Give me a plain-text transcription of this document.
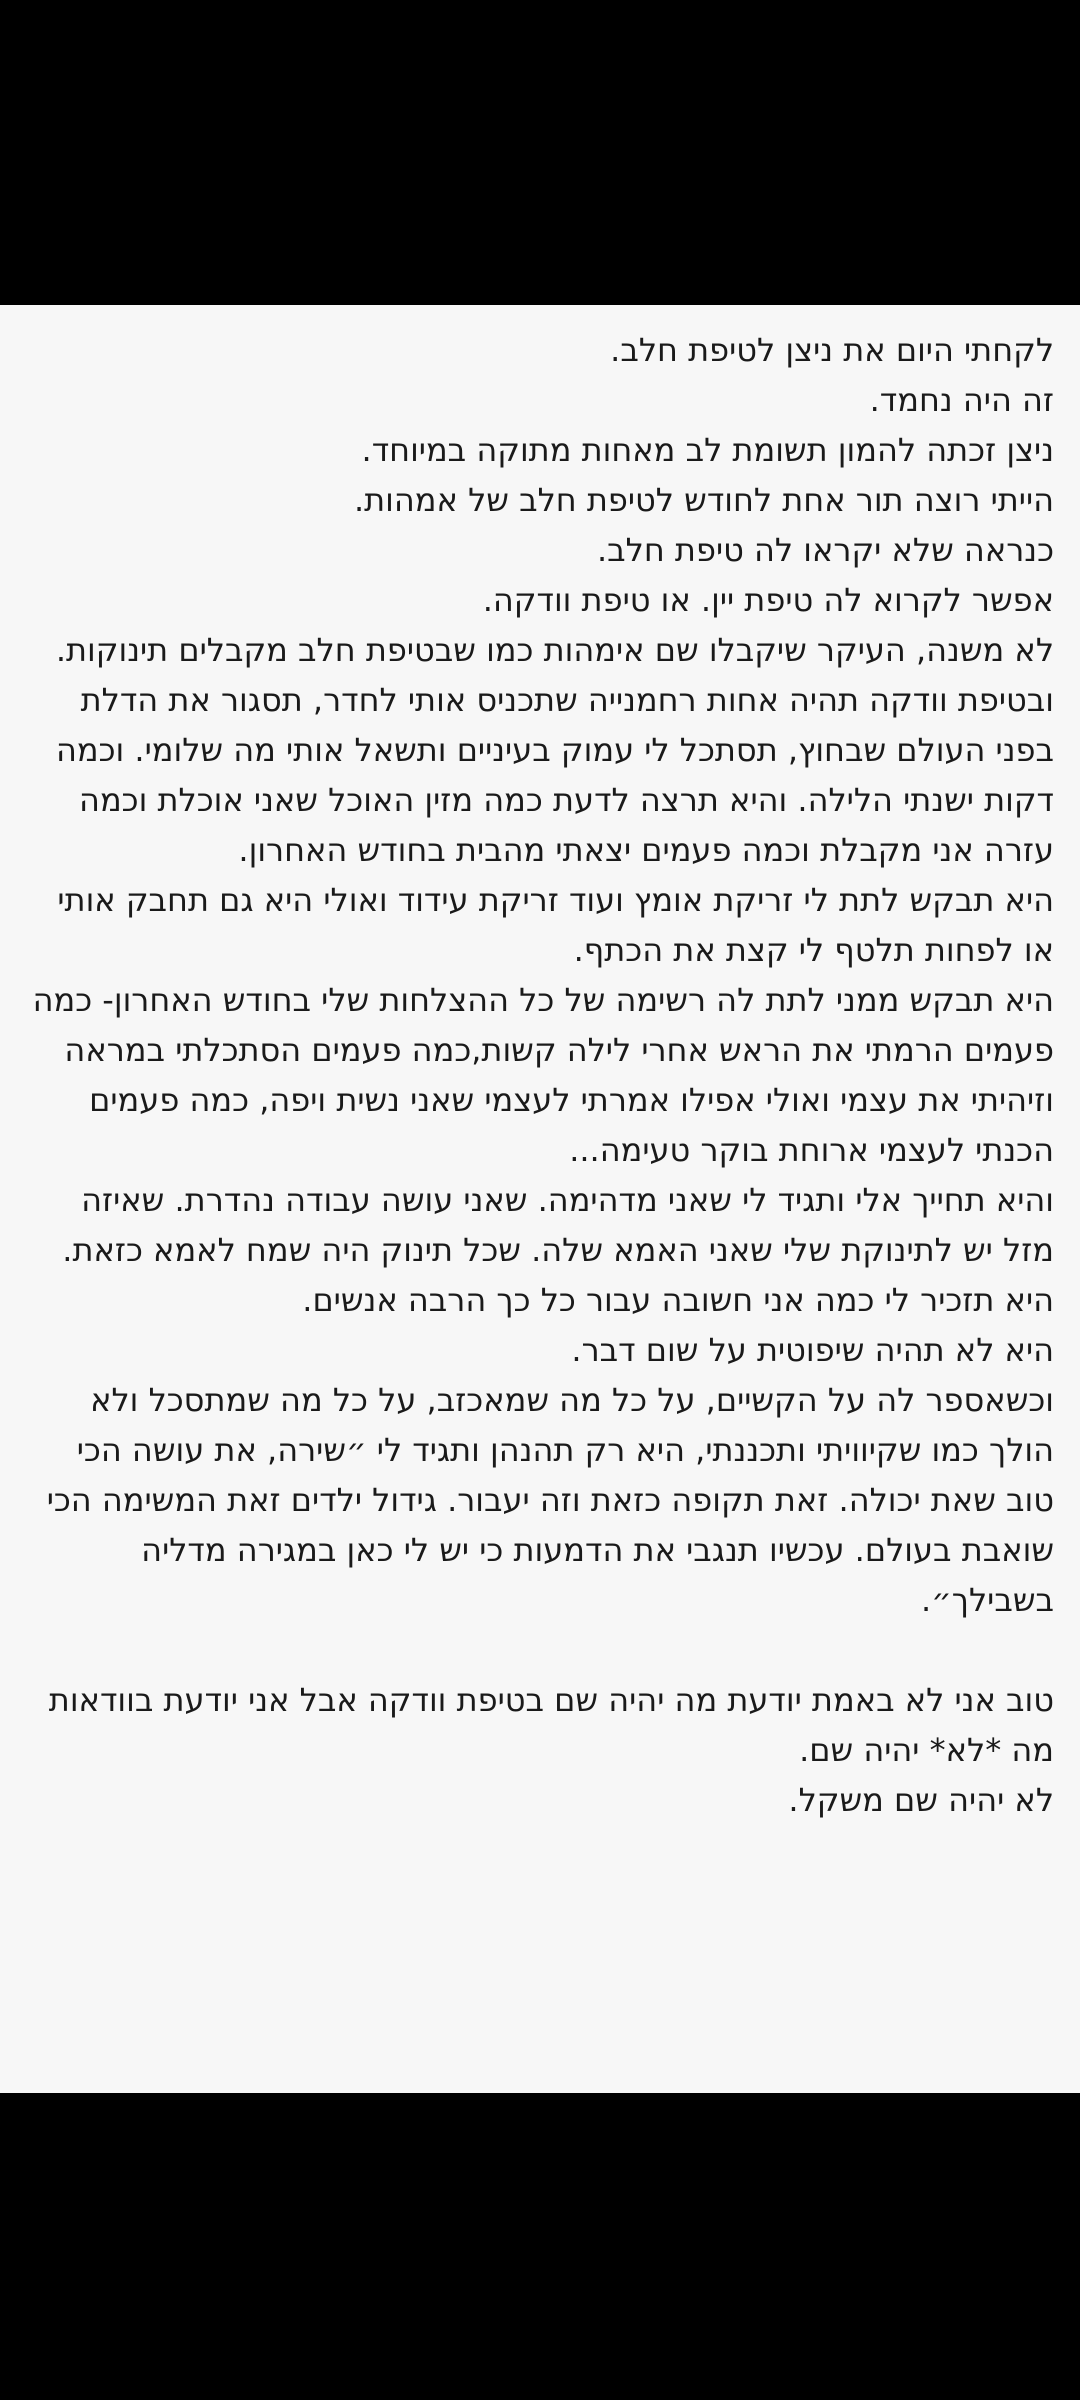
לקחתי היום את ניצן לטיפת חלב.

זה היה נחמד.

ניצן זכתה להמון תשומת לב מאחות מתוקה במיוחד.

הייתי רוצה תור אחת לחודש לטיפת חלב של אמהות.

כנראה שלא יקראו לה טיפת חלב.

אפשר לקרוא לה טיפת יין. או טיפת וודקה.

לא משנה, העיקר שיקבלו שם אימהות כמו שבטיפת חלב מקבלים תינוקות.

ובטיפת וודקה תהיה אחות רחמנייה שתכניס אותי לחדר, תסגור את הדלת בפני העולם שבחוץ, תסתכל לי עמוק בעיניים ותשאל אותי מה שלומי. וכמה דקות ישנתי הלילה. והיא תרצה לדעת כמה מזין האוכל שאני אוכלת וכמה עזרה אני מקבלת וכמה פעמים יצאתי מהבית בחודש האחרון.

היא תבקש לתת לי זריקת אומץ ועוד זריקת עידוד ואולי היא גם תחבק אותי או לפחות תלטף לי קצת את הכתף.

היא תבקש ממני לתת לה רשימה של כל ההצלחות שלי בחודש האחרון- כמה פעמים הרמתי את הראש אחרי לילה קשות,כמה פעמים הסתכלתי במראה וזיהיתי את עצמי ואולי אפילו אמרתי לעצמי שאני נשית ויפה, כמה פעמים הכנתי לעצמי ארוחת בוקר טעימה...

והיא תחייך אלי ותגיד לי שאני מדהימה. שאני עושה עבודה נהדרת. שאיזה מזל יש לתינוקת שלי שאני האמא שלה. שכל תינוק היה שמח לאמא כזאת.

היא תזכיר לי כמה אני חשובה עבור כל כך הרבה אנשים.

היא לא תהיה שיפוטית על שום דבר.

וכשאספר לה על הקשיים, על כל מה שמאכזב, על כל מה שמתסכל ולא הולך כמו שקיוויתי ותכננתי, היא רק תהנהן ותגיד לי ״שירה, את עושה הכי טוב שאת יכולה. זאת תקופה כזאת וזה יעבור. גידול ילדים זאת המשימה הכי שואבת בעולם. עכשיו תנגבי את הדמעות כי יש לי כאן במגירה מדליה בשבילך״.

טוב אני לא באמת יודעת מה יהיה שם בטיפת וודקה אבל אני יודעת בוודאות מה *לא* יהיה שם.

לא יהיה שם משקל.
